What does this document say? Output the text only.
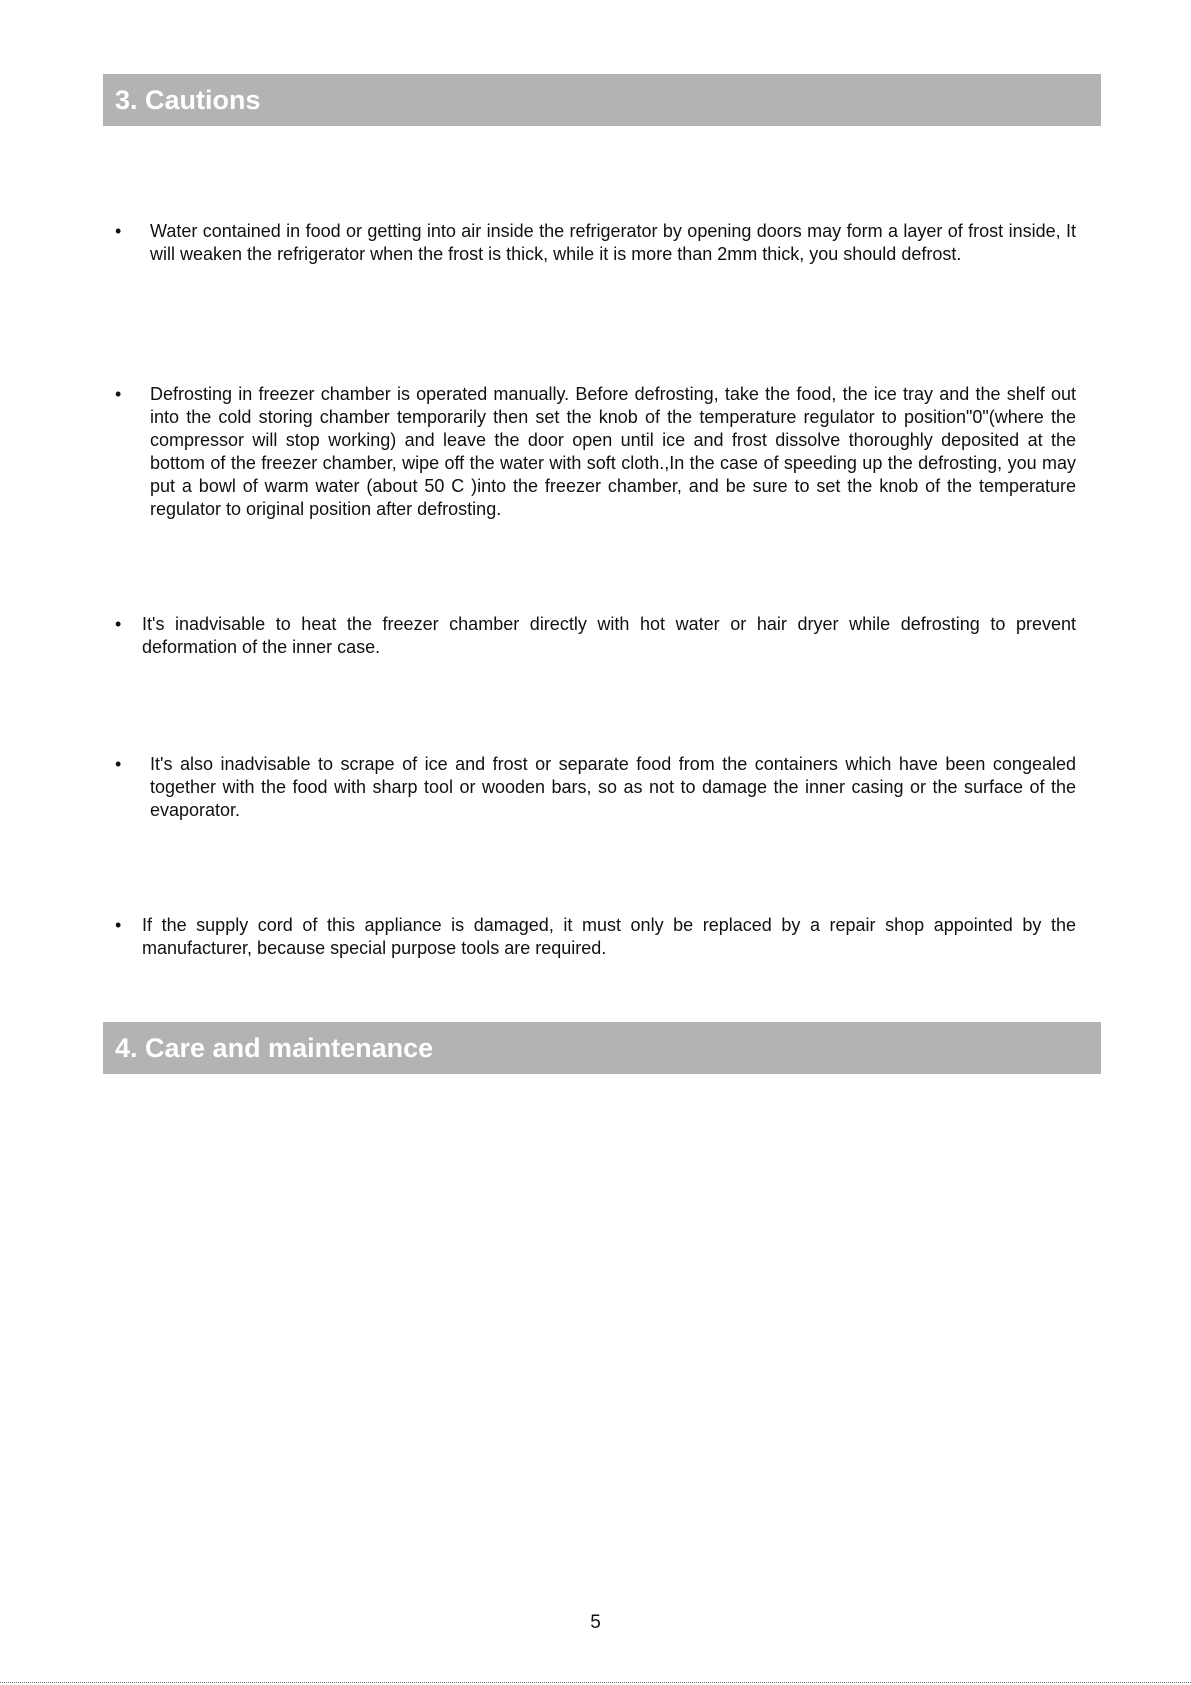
3. Cautions
• Water contained in food or getting into air inside the refrigerator by opening doors may form a layer of frost inside, It will weaken the refrigerator when the frost is thick, while it is more than 2mm thick, you should defrost.
• Defrosting in freezer chamber is operated manually. Before defrosting, take the food, the ice tray and the shelf out into the cold storing chamber temporarily then set the knob of the temperature regulator to position"0"(where the compressor will stop working) and leave the door open until ice and frost dissolve thoroughly deposited at the bottom of the freezer chamber, wipe off the water with soft cloth.,In the case of speeding up the defrosting, you may put a bowl of warm water (about 50 C )into the freezer chamber, and be sure to set the knob of the temperature regulator to original position after defrosting.
• It's inadvisable to heat the freezer chamber directly with hot water or hair dryer while defrosting to prevent deformation of the inner case.
• It's also inadvisable to scrape of ice and frost or separate food from the containers which have been congealed together with the food with sharp tool or wooden bars, so as not to damage the inner casing or the surface of the evaporator.
• If the supply cord of this appliance is damaged, it must only be replaced by a repair shop appointed by the manufacturer, because special purpose tools are required.
4. Care and maintenance
5
